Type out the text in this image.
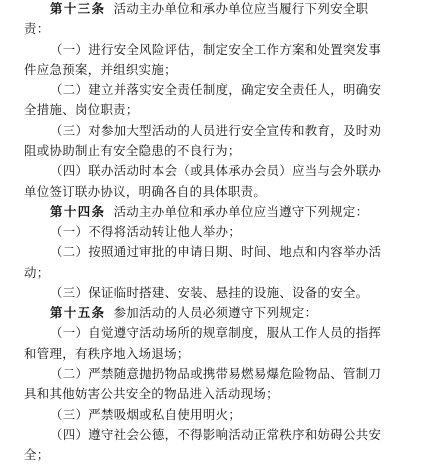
第十三条 活动主办单位和承办单位应当履行下列安全职
责：
（一）进行安全风险评估，制定安全工作方案和处置突发事
件应急预案，并组织实施；
（二）建立并落实安全责任制度，确定安全责任人，明确安
全措施、岗位职责；
（三）对参加大型活动的人员进行安全宣传和教育，及时劝
阻或协助制止有安全隐患的不良行为；
（四）联办活动时本会（或具体承办会员）应当与会外联办
单位签订联办协议，明确各自的具体职责。
第十四条 活动主办单位和承办单位应当遵守下列规定：
（一）不得将活动转让他人举办；
（二）按照通过审批的申请日期、时间、地点和内容举办活
动；
（三）保证临时搭建、安装、悬挂的设施、设备的安全。
第十五条 参加活动的人员必须遵守下列规定：
（一）自觉遵守活动场所的规章制度，服从工作人员的指挥
和管理，有秩序地入场退场；
（二）严禁随意抛扔物品或携带易燃易爆危险物品、管制刀
具和其他妨害公共安全的物品进入活动现场；
（三）严禁吸烟或私自使用明火；
（四）遵守社会公德，不得影响活动正常秩序和妨碍公共安
全；
